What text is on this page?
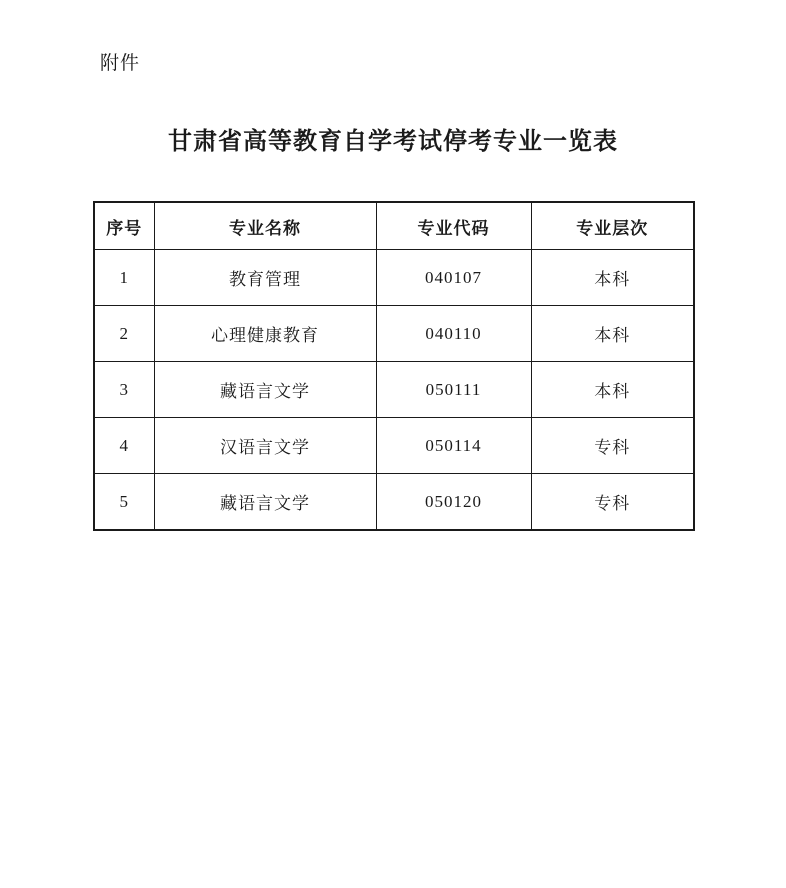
附件
甘肃省高等教育自学考试停考专业一览表
序号	专业名称	专业代码	专业层次
1	教育管理	040107	本科
2	心理健康教育	040110	本科
3	藏语言文学	050111	本科
4	汉语言文学	050114	专科
5	藏语言文学	050120	专科
